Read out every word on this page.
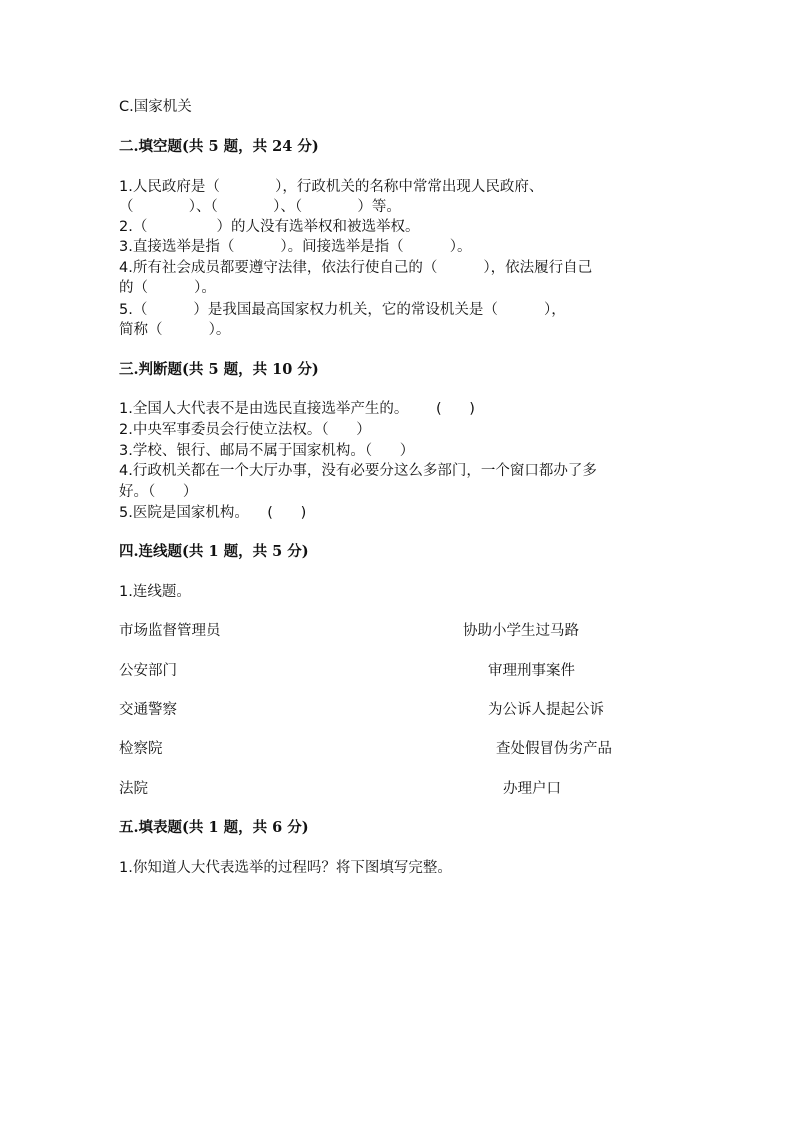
C.国家机关
二.填空题(共 5 题，共 24 分)
1.人民政府是（            ），行政机关的名称中常常出现人民政府、
（            ）、（            ）、（            ）等。
2.（               ）的人没有选举权和被选举权。
3.直接选举是指（          ）。间接选举是指（          ）。
4.所有社会成员都要遵守法律，依法行使自己的（          ），依法履行自己
的（          ）。
5.（          ）是我国最高国家权力机关，它的常设机关是（          ），
简称（          ）。
三.判断题(共 5 题，共 10 分)
1.全国人大代表不是由选民直接选举产生的。      (      )
2.中央军事委员会行使立法权。（      ）
3.学校、银行、邮局不属于国家机构。（      ）
4.行政机关都在一个大厅办事，没有必要分这么多部门，一个窗口都办了多
好。（      ）
5.医院是国家机构。    (      )
四.连线题(共 1 题，共 5 分)
1.连线题。
市场监督管理员
公安部门
交通警察
检察院
法院
协助小学生过马路
审理刑事案件
为公诉人提起公诉
查处假冒伪劣产品
办理户口
五.填表题(共 1 题，共 6 分)
1.你知道人大代表选举的过程吗？将下图填写完整。
